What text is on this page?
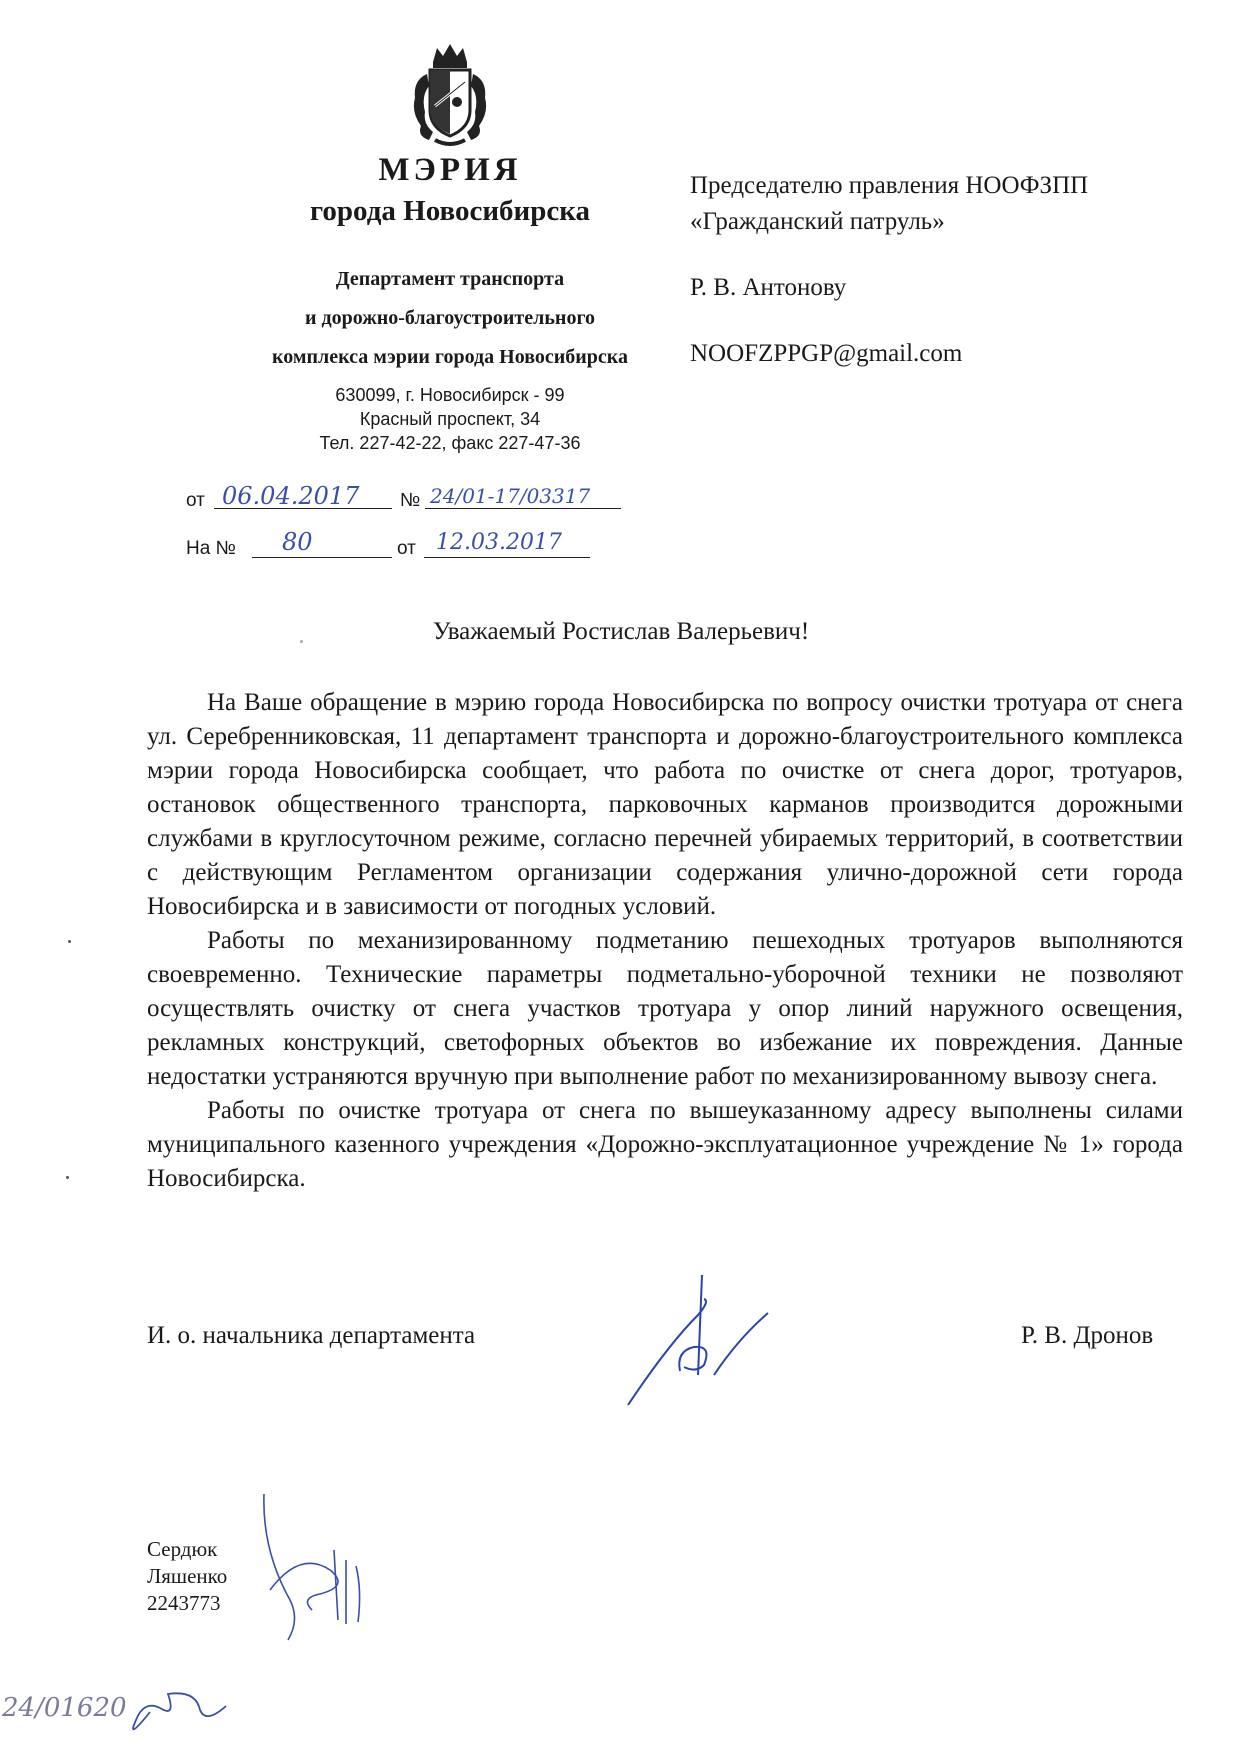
МЭРИЯ
города Новосибирска
Департамент транспорта
и дорожно-благоустроительного
комплекса мэрии города Новосибирска
630099, г. Новосибирск - 99
Красный проспект, 34
Тел. 227-42-22, факс 227-47-36
от 06.04.2017 № 24/01-17/03317
На № 80	от 12.03.2017
Председателю правления НООФЗПП
«Гражданский патруль»
Р. В. Антонову
NOOFZPPGP@gmail.com
Уважаемый Ростислав Валерьевич!

На Ваше обращение в мэрию города Новосибирска по вопросу очистки тротуара от снега ул. Серебренниковская, 11 департамент транспорта и дорожно-благоустроительного комплекса мэрии города Новосибирска сообщает, что работа по очистке от снега дорог, тротуаров, остановок общественного транспорта, парковочных карманов производится дорожными службами в круглосуточном режиме, согласно перечней убираемых территорий, в соответствии с действующим Регламентом организации содержания улично-дорожной сети города Новосибирска и в зависимости от погодных условий.

Работы по механизированному подметанию пешеходных тротуаров выполняются своевременно. Технические параметры подметально-уборочной техники не позволяют осуществлять очистку от снега участков тротуара у опор линий наружного освещения, рекламных конструкций, светофорных объектов во избежание их повреждения. Данные недостатки устраняются вручную при выполнение работ по механизированному вывозу снега.

Работы по очистке тротуара от снега по вышеуказанному адресу выполнены силами муниципального казенного учреждения «Дорожно-эксплуатационное учреждение № 1» города Новосибирска.

И. о. начальника департамента	Р. В. Дронов
Сердюк
Ляшенко
2243773
24/01620
